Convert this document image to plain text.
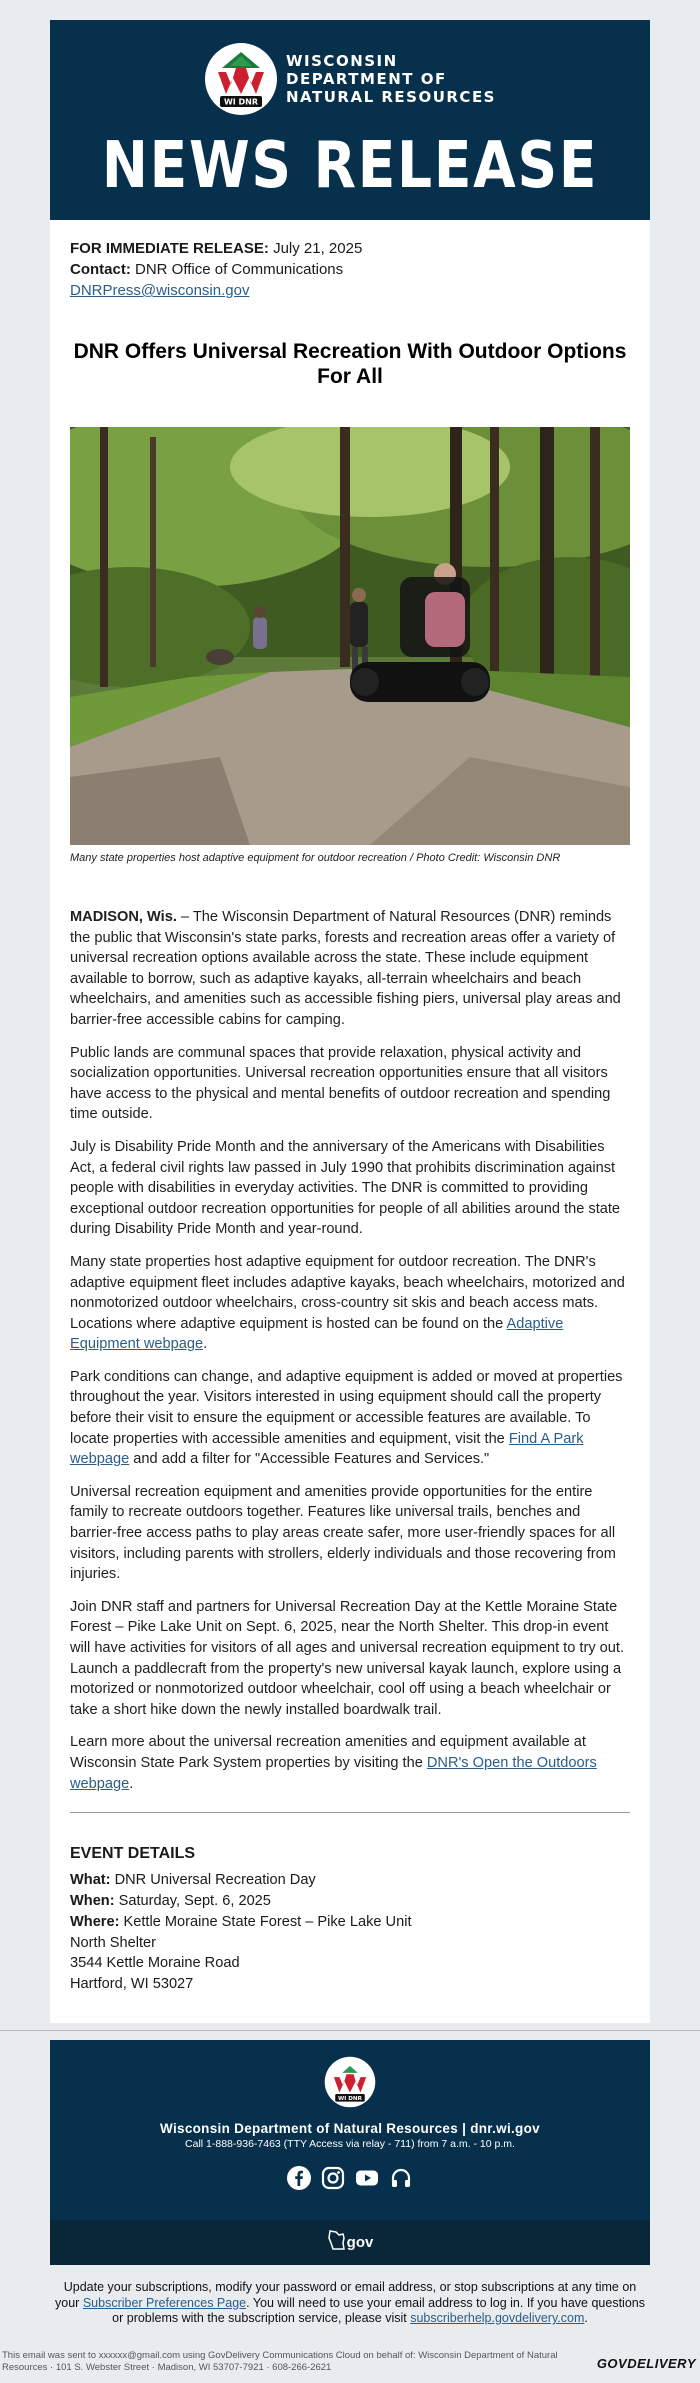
WI DNR
WISCONSIN
DEPARTMENT OF
NATURAL RESOURCES
NEWS RELEASE

FOR IMMEDIATE RELEASE: July 21, 2025

Contact: DNR Office of Communications

DNRPress@wisconsin.gov

DNR Offers Universal Recreation With Outdoor Options For All
Many state properties host adaptive equipment for outdoor recreation / Photo Credit: Wisconsin DNR

MADISON, Wis. – The Wisconsin Department of Natural Resources (DNR) reminds the public that Wisconsin's state parks, forests and recreation areas offer a variety of universal recreation options available across the state. These include equipment available to borrow, such as adaptive kayaks, all-terrain wheelchairs and beach wheelchairs, and amenities such as accessible fishing piers, universal play areas and barrier-free accessible cabins for camping.

Public lands are communal spaces that provide relaxation, physical activity and socialization opportunities. Universal recreation opportunities ensure that all visitors have access to the physical and mental benefits of outdoor recreation and spending time outside.

July is Disability Pride Month and the anniversary of the Americans with Disabilities Act, a federal civil rights law passed in July 1990 that prohibits discrimination against people with disabilities in everyday activities. The DNR is committed to providing exceptional outdoor recreation opportunities for people of all abilities around the state during Disability Pride Month and year-round.

Many state properties host adaptive equipment for outdoor recreation. The DNR's adaptive equipment fleet includes adaptive kayaks, beach wheelchairs, motorized and nonmotorized outdoor wheelchairs, cross-country sit skis and beach access mats. Locations where adaptive equipment is hosted can be found on the Adaptive Equipment webpage.

Park conditions can change, and adaptive equipment is added or moved at properties throughout the year. Visitors interested in using equipment should call the property before their visit to ensure the equipment or accessible features are available. To locate properties with accessible amenities and equipment, visit the Find A Park webpage and add a filter for "Accessible Features and Services."

Universal recreation equipment and amenities provide opportunities for the entire family to recreate outdoors together. Features like universal trails, benches and barrier-free access paths to play areas create safer, more user-friendly spaces for all visitors, including parents with strollers, elderly individuals and those recovering from injuries.

Join DNR staff and partners for Universal Recreation Day at the Kettle Moraine State Forest – Pike Lake Unit on Sept. 6, 2025, near the North Shelter. This drop-in event will have activities for visitors of all ages and universal recreation equipment to try out. Launch a paddlecraft from the property's new universal kayak launch, explore using a motorized or nonmotorized outdoor wheelchair, cool off using a beach wheelchair or take a short hike down the newly installed boardwalk trail.

Learn more about the universal recreation amenities and equipment available at Wisconsin State Park System properties by visiting the DNR's Open the Outdoors webpage.

EVENT DETAILS
What: DNR Universal Recreation Day
When: Saturday, Sept. 6, 2025
Where: Kettle Moraine State Forest – Pike Lake Unit
North Shelter
3544 Kettle Moraine Road
Hartford, WI 53027
WI DNR
Wisconsin Department of Natural Resources | dnr.wi.gov
Call 1-888-936-7463 (TTY Access via relay - 711) from 7 a.m. - 10 p.m.
gov
Update your subscriptions, modify your password or email address, or stop subscriptions at any time on your Subscriber Preferences Page. You will need to use your email address to log in. If you have questions or problems with the subscription service, please visit subscriberhelp.govdelivery.com.
This email was sent to xxxxxx@gmail.com using GovDelivery Communications Cloud on behalf of: Wisconsin Department of Natural Resources · 101 S. Webster Street · Madison, WI 53707-7921 · 608-266-2621	GOVDELIVERY
